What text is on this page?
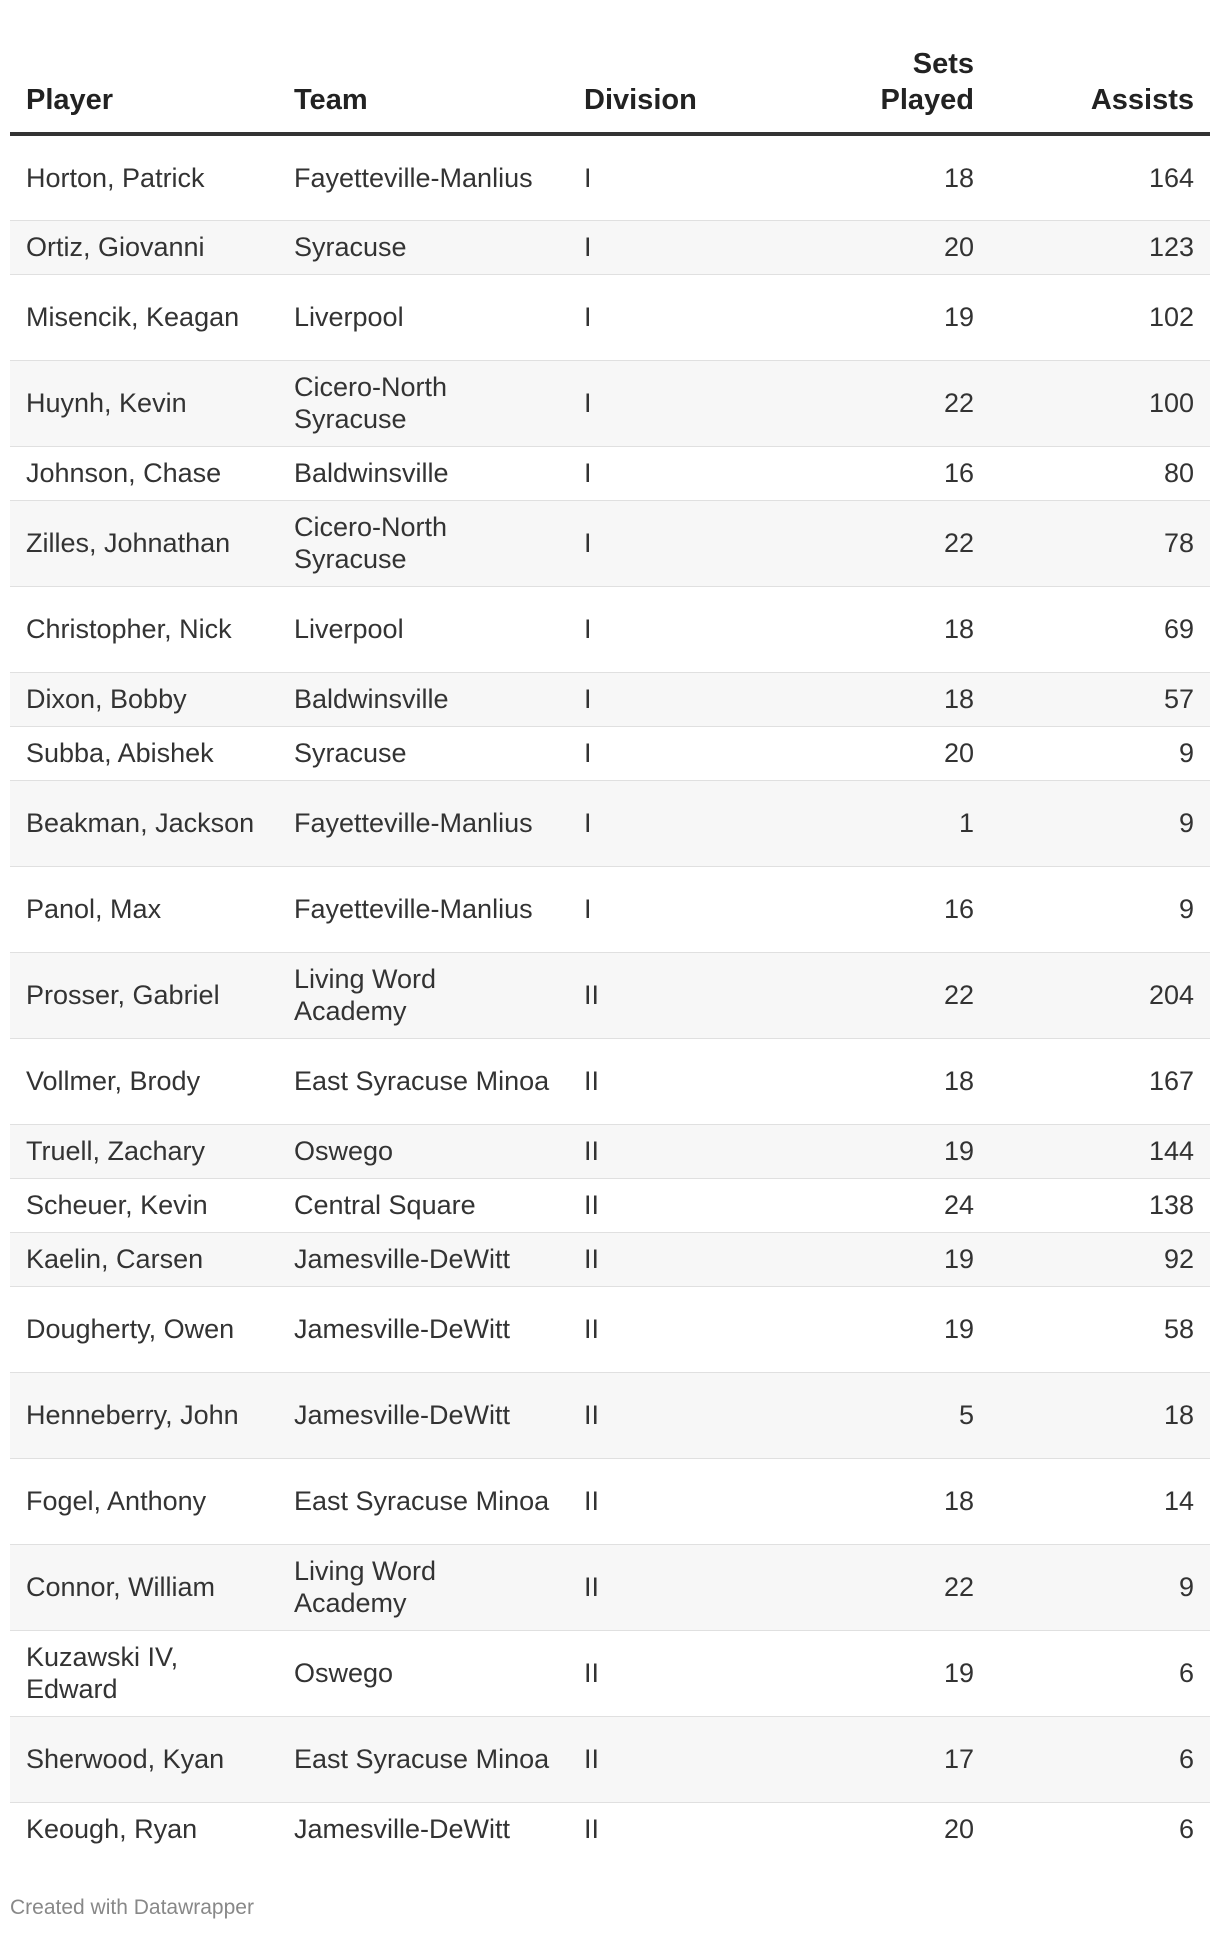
Player	Team	Division	Sets Played	Assists
Horton, Patrick	Fayetteville-Manlius	I	18	164
Ortiz, Giovanni	Syracuse	I	20	123
Misencik, Keagan	Liverpool	I	19	102
Huynh, Kevin	Cicero-North Syracuse	I	22	100
Johnson, Chase	Baldwinsville	I	16	80
Zilles, Johnathan	Cicero-North Syracuse	I	22	78
Christopher, Nick	Liverpool	I	18	69
Dixon, Bobby	Baldwinsville	I	18	57
Subba, Abishek	Syracuse	I	20	9
Beakman, Jackson	Fayetteville-Manlius	I	1	9
Panol, Max	Fayetteville-Manlius	I	16	9
Prosser, Gabriel	Living Word Academy	II	22	204
Vollmer, Brody	East Syracuse Minoa	II	18	167
Truell, Zachary	Oswego	II	19	144
Scheuer, Kevin	Central Square	II	24	138
Kaelin, Carsen	Jamesville-DeWitt	II	19	92
Dougherty, Owen	Jamesville-DeWitt	II	19	58
Henneberry, John	Jamesville-DeWitt	II	5	18
Fogel, Anthony	East Syracuse Minoa	II	18	14
Connor, William	Living Word Academy	II	22	9
Kuzawski IV, Edward	Oswego	II	19	6
Sherwood, Kyan	East Syracuse Minoa	II	17	6
Keough, Ryan	Jamesville-DeWitt	II	20	6
Created with Datawrapper
